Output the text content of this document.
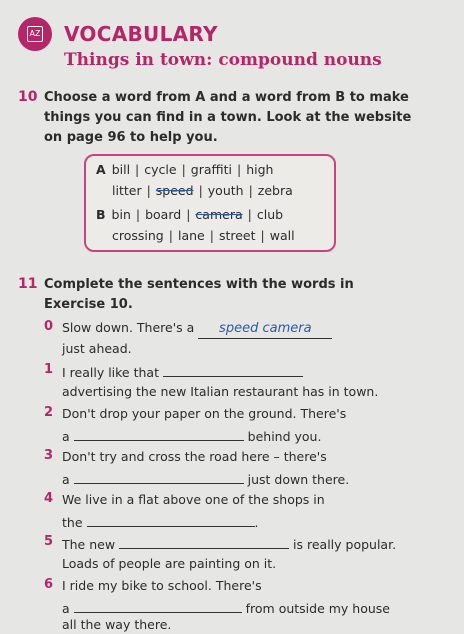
AZ VOCABULARY
Things in town: compound nouns
10 Choose a word from A and a word from B to make
things you can find in a town. Look at the website
on page 96 to help you.
A bill | cycle | graffiti | high
litter | speed | youth | zebra
B bin | board | camera | club
crossing | lane | street | wall
11 Complete the sentences with the words in
Exercise 10.
0 Slow down. There's a speed camera
just ahead.
1 I really like that
advertising the new Italian restaurant has in town.
2 Don't drop your paper on the ground. There's
a	behind you.
3 Don't try and cross the road here – there's
a	just down there.
4 We live in a flat above one of the shops in
the	.
5 The new	is really popular.
Loads of people are painting on it.
6 I ride my bike to school. There's
a	from outside my house
all the way there.
